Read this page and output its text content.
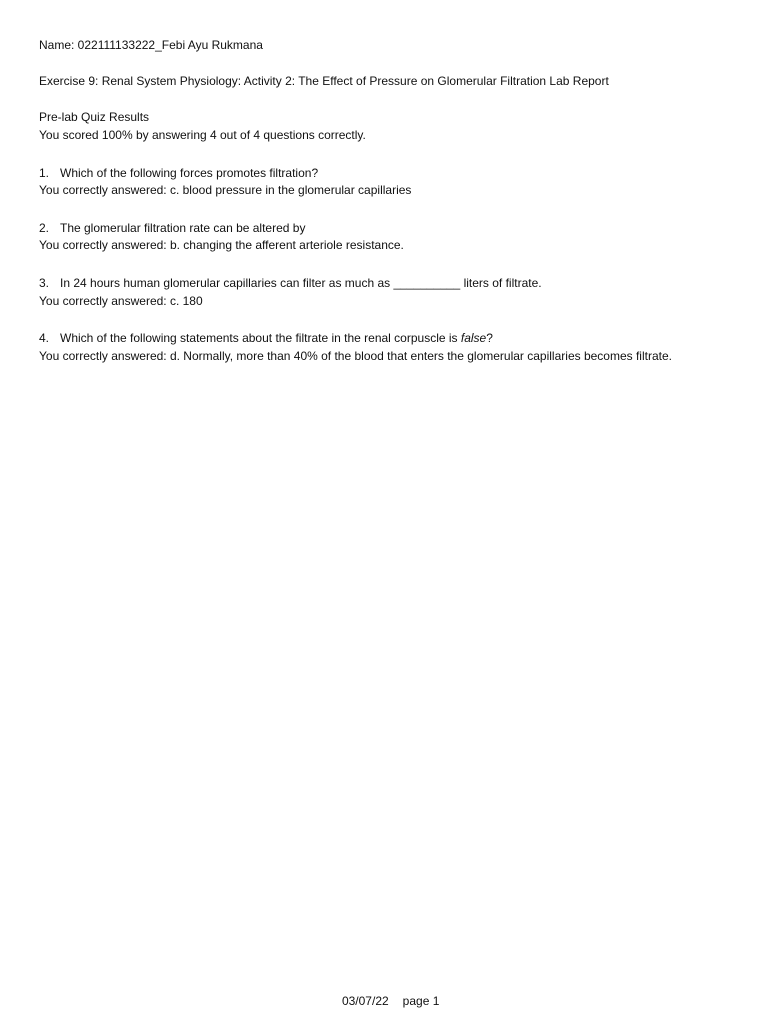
Name: 022111133222_Febi Ayu Rukmana
Exercise 9: Renal System Physiology: Activity 2: The Effect of Pressure on Glomerular Filtration Lab Report
Pre-lab Quiz Results
You scored 100% by answering 4 out of 4 questions correctly.
1. Which of the following forces promotes filtration?
You correctly answered: c. blood pressure in the glomerular capillaries
2. The glomerular filtration rate can be altered by
You correctly answered: b. changing the afferent arteriole resistance.
3. In 24 hours human glomerular capillaries can filter as much as __________ liters of filtrate.
You correctly answered: c. 180
4. Which of the following statements about the filtrate in the renal corpuscle is false?
You correctly answered: d. Normally, more than 40% of the blood that enters the glomerular capillaries becomes filtrate.

03/07/22 page 1
